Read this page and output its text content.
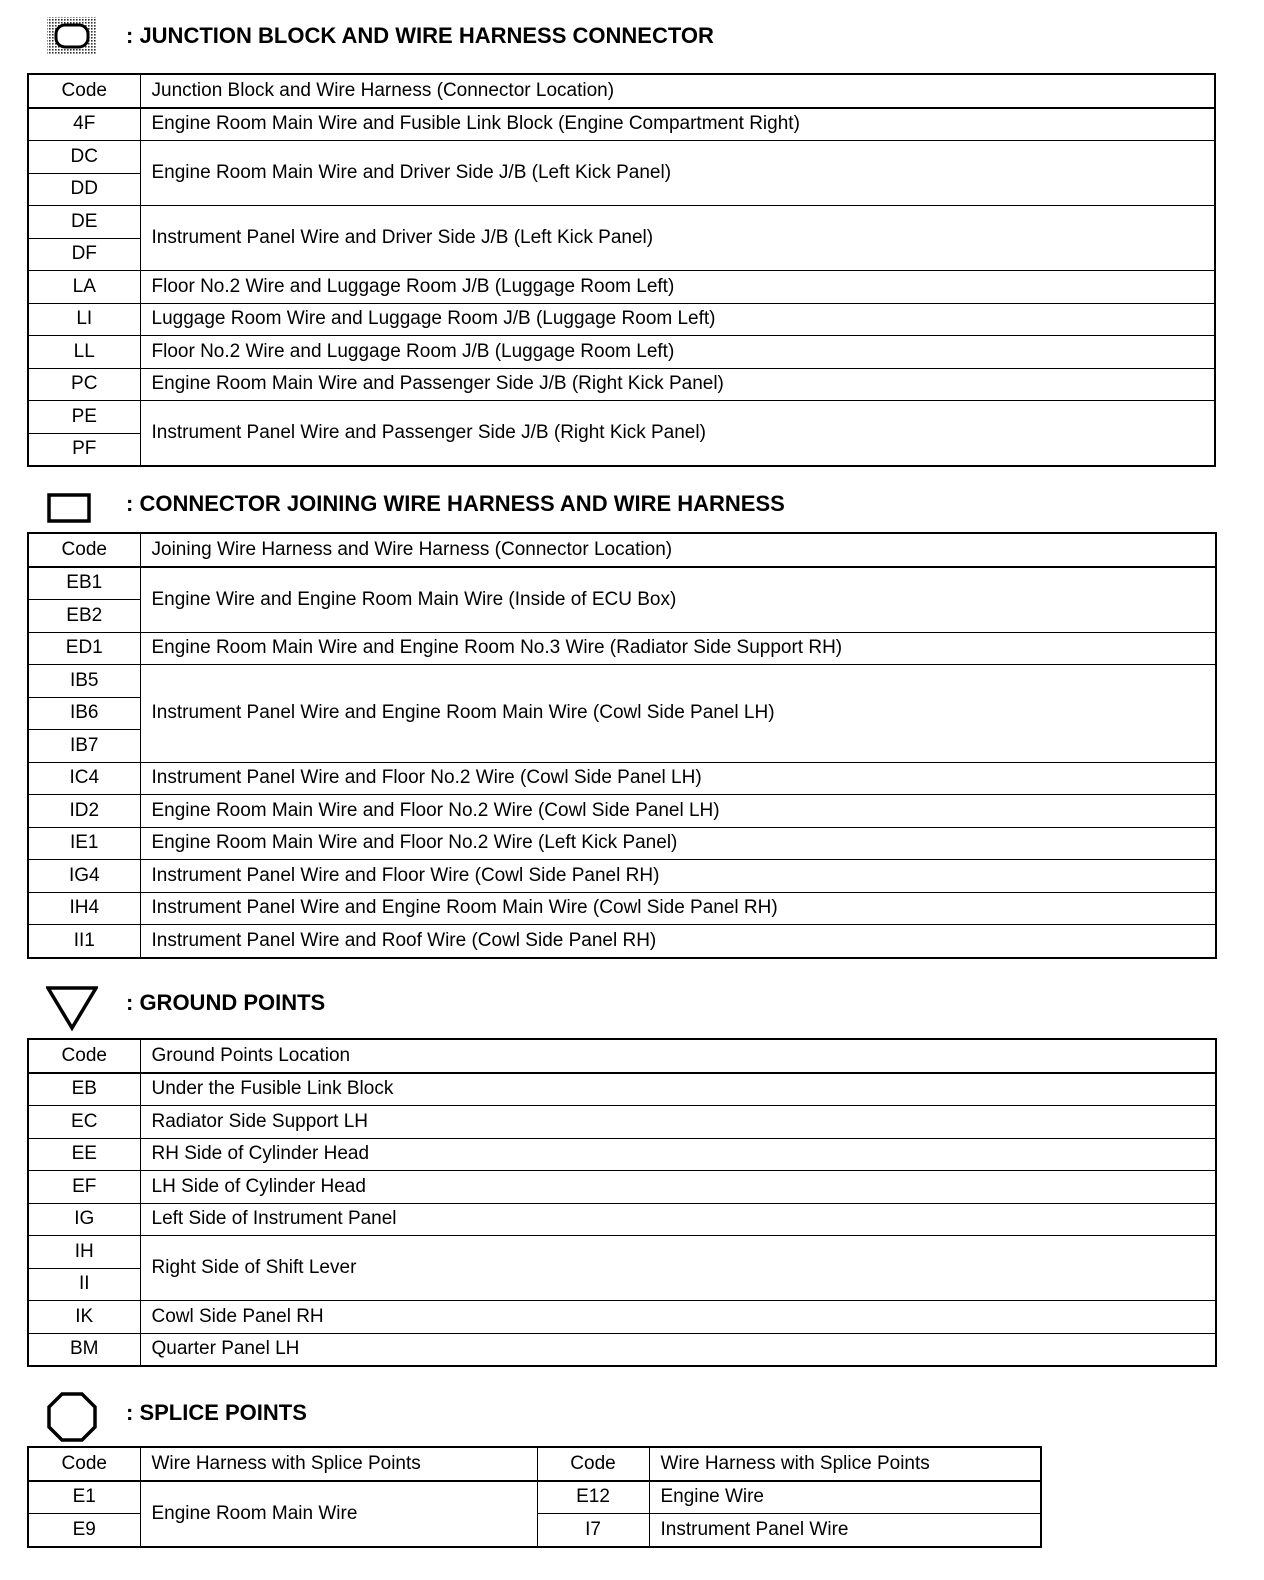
: JUNCTION BLOCK AND WIRE HARNESS CONNECTOR
Code	Junction Block and Wire Harness (Connector Location)
4F	Engine Room Main Wire and Fusible Link Block (Engine Compartment Right)
DC	Engine Room Main Wire and Driver Side J/B (Left Kick Panel)
DD	
DE	Instrument Panel Wire and Driver Side J/B (Left Kick Panel)
DF	
LA	Floor No.2 Wire and Luggage Room J/B (Luggage Room Left)
LI	Luggage Room Wire and Luggage Room J/B (Luggage Room Left)
LL	Floor No.2 Wire and Luggage Room J/B (Luggage Room Left)
PC	Engine Room Main Wire and Passenger Side J/B (Right Kick Panel)
PE	Instrument Panel Wire and Passenger Side J/B (Right Kick Panel)
PF	
: CONNECTOR JOINING WIRE HARNESS AND WIRE HARNESS
Code	Joining Wire Harness and Wire Harness (Connector Location)
EB1	Engine Wire and Engine Room Main Wire (Inside of ECU Box)
EB2	
ED1	Engine Room Main Wire and Engine Room No.3 Wire (Radiator Side Support RH)
IB5	Instrument Panel Wire and Engine Room Main Wire (Cowl Side Panel LH)
IB6	
IB7	
IC4	Instrument Panel Wire and Floor No.2 Wire (Cowl Side Panel LH)
ID2	Engine Room Main Wire and Floor No.2 Wire (Cowl Side Panel LH)
IE1	Engine Room Main Wire and Floor No.2 Wire (Left Kick Panel)
IG4	Instrument Panel Wire and Floor Wire (Cowl Side Panel RH)
IH4	Instrument Panel Wire and Engine Room Main Wire (Cowl Side Panel RH)
II1	Instrument Panel Wire and Roof Wire (Cowl Side Panel RH)
: GROUND POINTS
Code	Ground Points Location
EB	Under the Fusible Link Block
EC	Radiator Side Support LH
EE	RH Side of Cylinder Head
EF	LH Side of Cylinder Head
IG	Left Side of Instrument Panel
IH	Right Side of Shift Lever
II	
IK	Cowl Side Panel RH
BM	Quarter Panel LH
: SPLICE POINTS
Code	Wire Harness with Splice Points	Code	Wire Harness with Splice Points
E1	Engine Room Main Wire	E12	Engine Wire
E9		I7	Instrument Panel Wire
